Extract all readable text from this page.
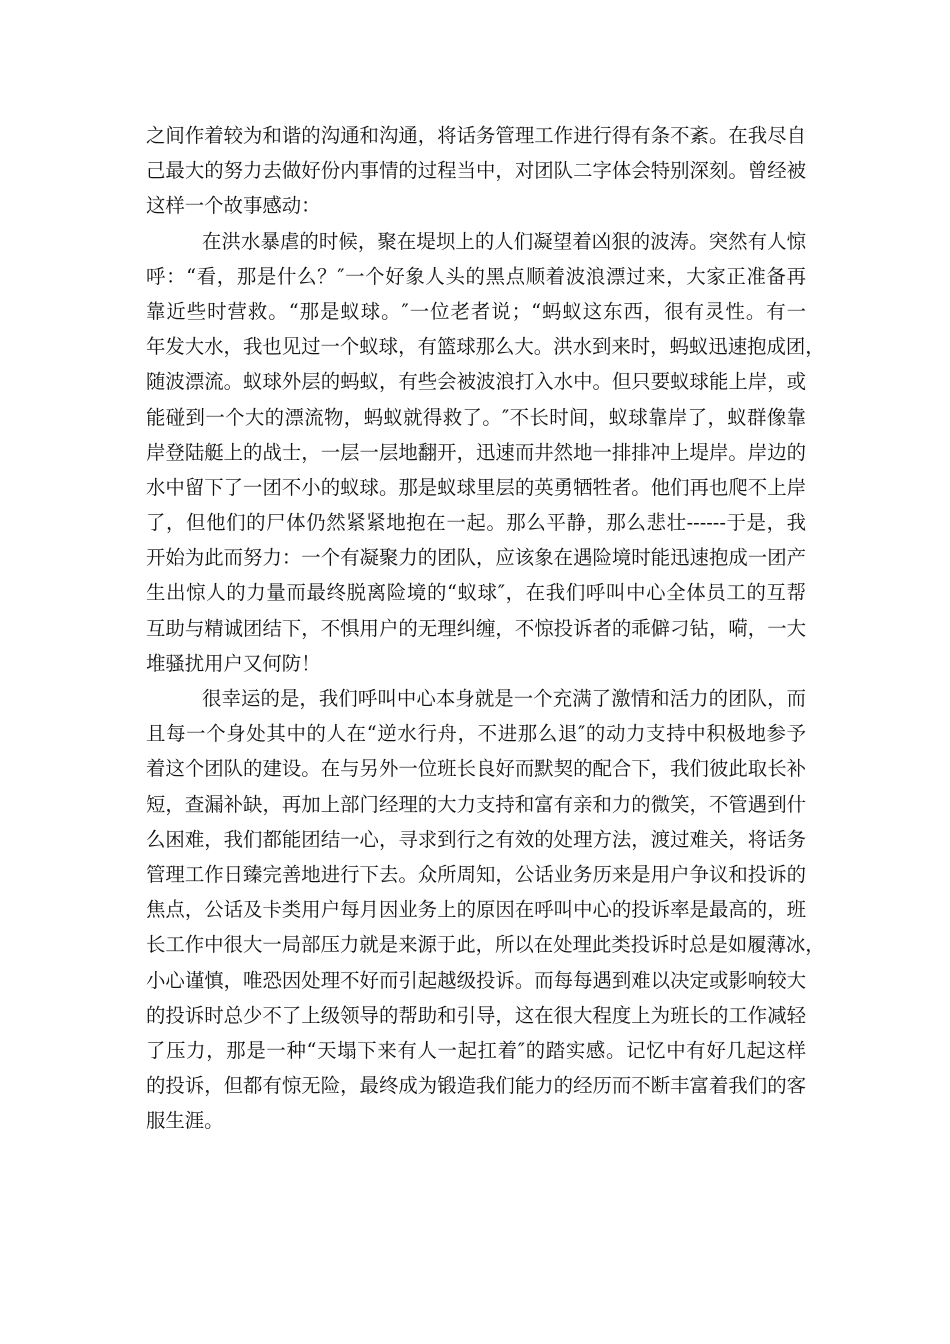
之间作着较为和谐的沟通和沟通，将话务管理工作进行得有条不紊。在我尽自
己最大的努力去做好份内事情的过程当中，对团队二字体会特别深刻。曾经被
这样一个故事感动：
在洪水暴虐的时候，聚在堤坝上的人们凝望着凶狠的波涛。突然有人惊
呼：“看，那是什么？″一个好象人头的黑点顺着波浪漂过来，大家正准备再
靠近些时营救。“那是蚁球。″一位老者说；“蚂蚁这东西，很有灵性。有一
年发大水，我也见过一个蚁球，有篮球那么大。洪水到来时，蚂蚁迅速抱成团，
随波漂流。蚁球外层的蚂蚁，有些会被波浪打入水中。但只要蚁球能上岸，或
能碰到一个大的漂流物，蚂蚁就得救了。″不长时间，蚁球靠岸了，蚁群像靠
岸登陆艇上的战士，一层一层地翻开，迅速而井然地一排排冲上堤岸。岸边的
水中留下了一团不小的蚁球。那是蚁球里层的英勇牺牲者。他们再也爬不上岸
了，但他们的尸体仍然紧紧地抱在一起。那么平静，那么悲壮------于是，我
开始为此而努力：一个有凝聚力的团队，应该象在遇险境时能迅速抱成一团产
生出惊人的力量而最终脱离险境的“蚁球″，在我们呼叫中心全体员工的互帮
互助与精诚团结下，不惧用户的无理纠缠，不惊投诉者的乖僻刁钻，嗬，一大
堆骚扰用户又何防！
很幸运的是，我们呼叫中心本身就是一个充满了激情和活力的团队，而
且每一个身处其中的人在“逆水行舟，不进那么退″的动力支持中积极地参予
着这个团队的建设。在与另外一位班长良好而默契的配合下，我们彼此取长补
短，查漏补缺，再加上部门经理的大力支持和富有亲和力的微笑，不管遇到什
么困难，我们都能团结一心，寻求到行之有效的处理方法，渡过难关，将话务
管理工作日臻完善地进行下去。众所周知，公话业务历来是用户争议和投诉的
焦点，公话及卡类用户每月因业务上的原因在呼叫中心的投诉率是最高的，班
长工作中很大一局部压力就是来源于此，所以在处理此类投诉时总是如履薄冰，
小心谨慎，唯恐因处理不好而引起越级投诉。而每每遇到难以决定或影响较大
的投诉时总少不了上级领导的帮助和引导，这在很大程度上为班长的工作减轻
了压力，那是一种“天塌下来有人一起扛着″的踏实感。记忆中有好几起这样
的投诉，但都有惊无险，最终成为锻造我们能力的经历而不断丰富着我们的客
服生涯。
